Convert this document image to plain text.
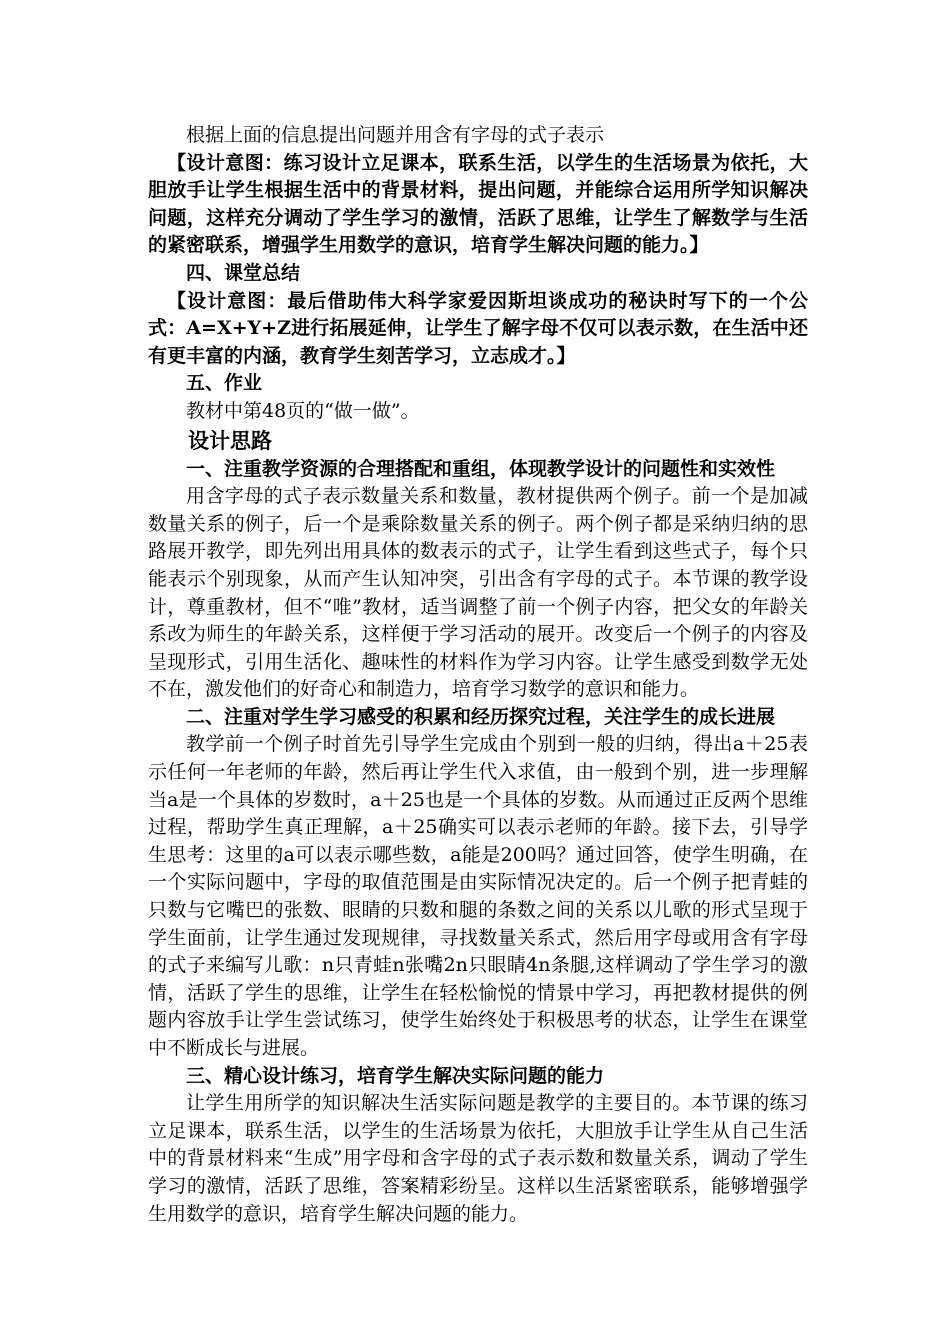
根据上面的信息提出问题并用含有字母的式子表示

【设计意图：练习设计立足课本，联系生活，以学生的生活场景为依托，大胆放手让学生根据生活中的背景材料，提出问题，并能综合运用所学知识解决问题，这样充分调动了学生学习的激情，活跃了思维，让学生了解数学与生活的紧密联系，增强学生用数学的意识，培育学生解决问题的能力。】

四、课堂总结

【设计意图：最后借助伟大科学家爱因斯坦谈成功的秘诀时写下的一个公式：A=X+Y+Z进行拓展延伸，让学生了解字母不仅可以表示数，在生活中还有更丰富的内涵，教育学生刻苦学习，立志成才。】

五、作业

教材中第48页的“做一做”。

设计思路

一、注重教学资源的合理搭配和重组，体现教学设计的问题性和实效性

用含字母的式子表示数量关系和数量，教材提供两个例子。前一个是加减数量关系的例子，后一个是乘除数量关系的例子。两个例子都是采纳归纳的思路展开教学，即先列出用具体的数表示的式子，让学生看到这些式子，每个只能表示个别现象，从而产生认知冲突，引出含有字母的式子。本节课的教学设计，尊重教材，但不“唯”教材，适当调整了前一个例子内容，把父女的年龄关系改为师生的年龄关系，这样便于学习活动的展开。改变后一个例子的内容及呈现形式，引用生活化、趣味性的材料作为学习内容。让学生感受到数学无处不在，激发他们的好奇心和制造力，培育学习数学的意识和能力。

二、注重对学生学习感受的积累和经历探究过程，关注学生的成长进展

教学前一个例子时首先引导学生完成由个别到一般的归纳，得出a＋25表示任何一年老师的年龄，然后再让学生代入求值，由一般到个别，进一步理解当a是一个具体的岁数时，a＋25也是一个具体的岁数。从而通过正反两个思维过程，帮助学生真正理解，a＋25确实可以表示老师的年龄。接下去，引导学生思考：这里的a可以表示哪些数，a能是200吗？通过回答，使学生明确，在一个实际问题中，字母的取值范围是由实际情况决定的。后一个例子把青蛙的只数与它嘴巴的张数、眼睛的只数和腿的条数之间的关系以儿歌的形式呈现于学生面前，让学生通过发现规律，寻找数量关系式，然后用字母或用含有字母的式子来编写儿歌：n只青蛙n张嘴2n只眼睛4n条腿,这样调动了学生学习的激情，活跃了学生的思维，让学生在轻松愉悦的情景中学习，再把教材提供的例题内容放手让学生尝试练习，使学生始终处于积极思考的状态，让学生在课堂中不断成长与进展。

三、精心设计练习，培育学生解决实际问题的能力

让学生用所学的知识解决生活实际问题是教学的主要目的。本节课的练习立足课本，联系生活，以学生的生活场景为依托，大胆放手让学生从自己生活中的背景材料来“生成”用字母和含字母的式子表示数和数量关系，调动了学生学习的激情，活跃了思维，答案精彩纷呈。这样以生活紧密联系，能够增强学生用数学的意识，培育学生解决问题的能力。
